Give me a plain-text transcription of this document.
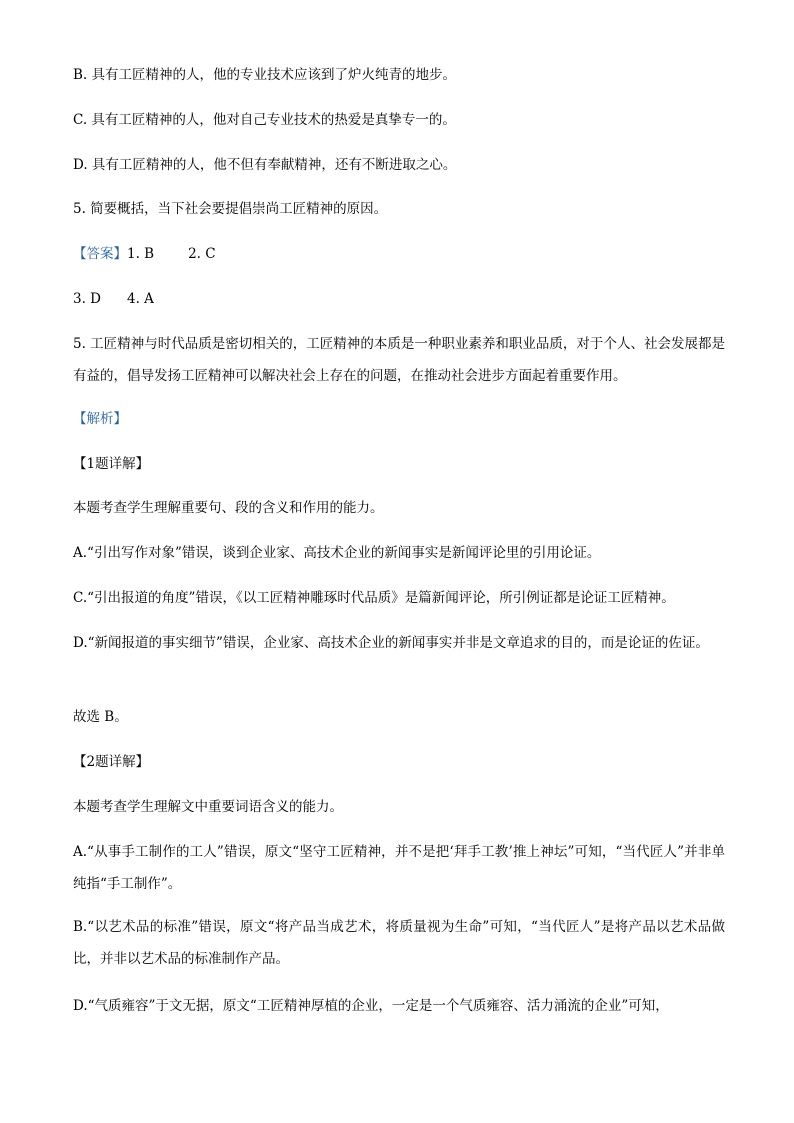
B. 具有工匠精神的人，他的专业技术应该到了炉火纯青的地步。
C. 具有工匠精神的人，他对自己专业技术的热爱是真挚专一的。
D. 具有工匠精神的人，他不但有奉献精神，还有不断进取之心。
5. 简要概括，当下社会要提倡崇尚工匠精神的原因。
【答案】1. B	2. C
3. D 4. A
5. 工匠精神与时代品质是密切相关的，工匠精神的本质是一种职业素养和职业品质，对于个人、社会发展都是有益的，倡导发扬工匠精神可以解决社会上存在的问题，在推动社会进步方面起着重要作用。
【解析】
【1题详解】
本题考查学生理解重要句、段的含义和作用的能力。
A.“引出写作对象”错误，谈到企业家、高技术企业的新闻事实是新闻评论里的引用论证。
C.“引出报道的角度”错误，《以工匠精神雕琢时代品质》是篇新闻评论，所引例证都是论证工匠精神。
D.“新闻报道的事实细节”错误，企业家、高技术企业的新闻事实并非是文章追求的目的，而是论证的佐证。
故选 B。
【2题详解】
本题考查学生理解文中重要词语含义的能力。
A.“从事手工制作的工人”错误，原文“坚守工匠精神，并不是把‘拜手工教’推上神坛”可知，“当代匠人”并非单纯指“手工制作”。
B.“以艺术品的标准”错误，原文“将产品当成艺术，将质量视为生命”可知，“当代匠人”是将产品以艺术品做比，并非以艺术品的标准制作产品。
D.“气质雍容”于文无据，原文“工匠精神厚植的企业，一定是一个气质雍容、活力涌流的企业”可知，
